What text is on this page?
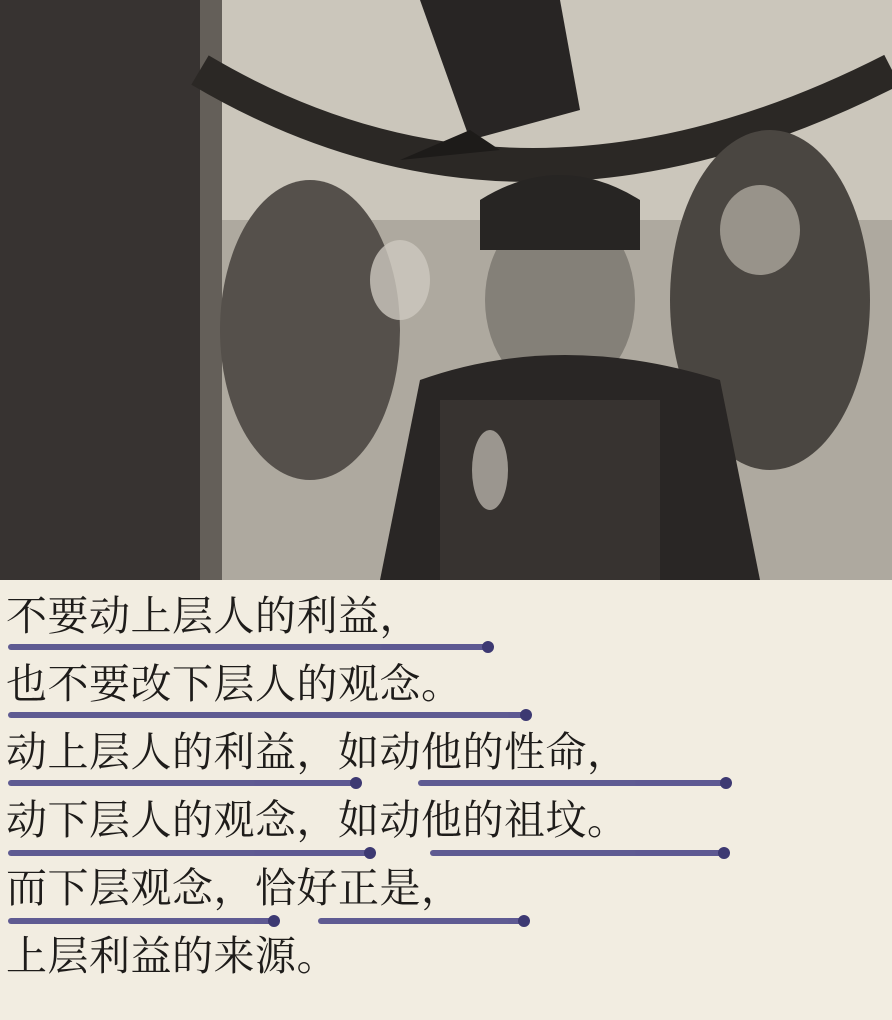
不要动上层人的利益，
也不要改下层人的观念。
动上层人的利益，如动他的性命，
动下层人的观念，如动他的祖坟。
而下层观念，恰好正是，
上层利益的来源。
